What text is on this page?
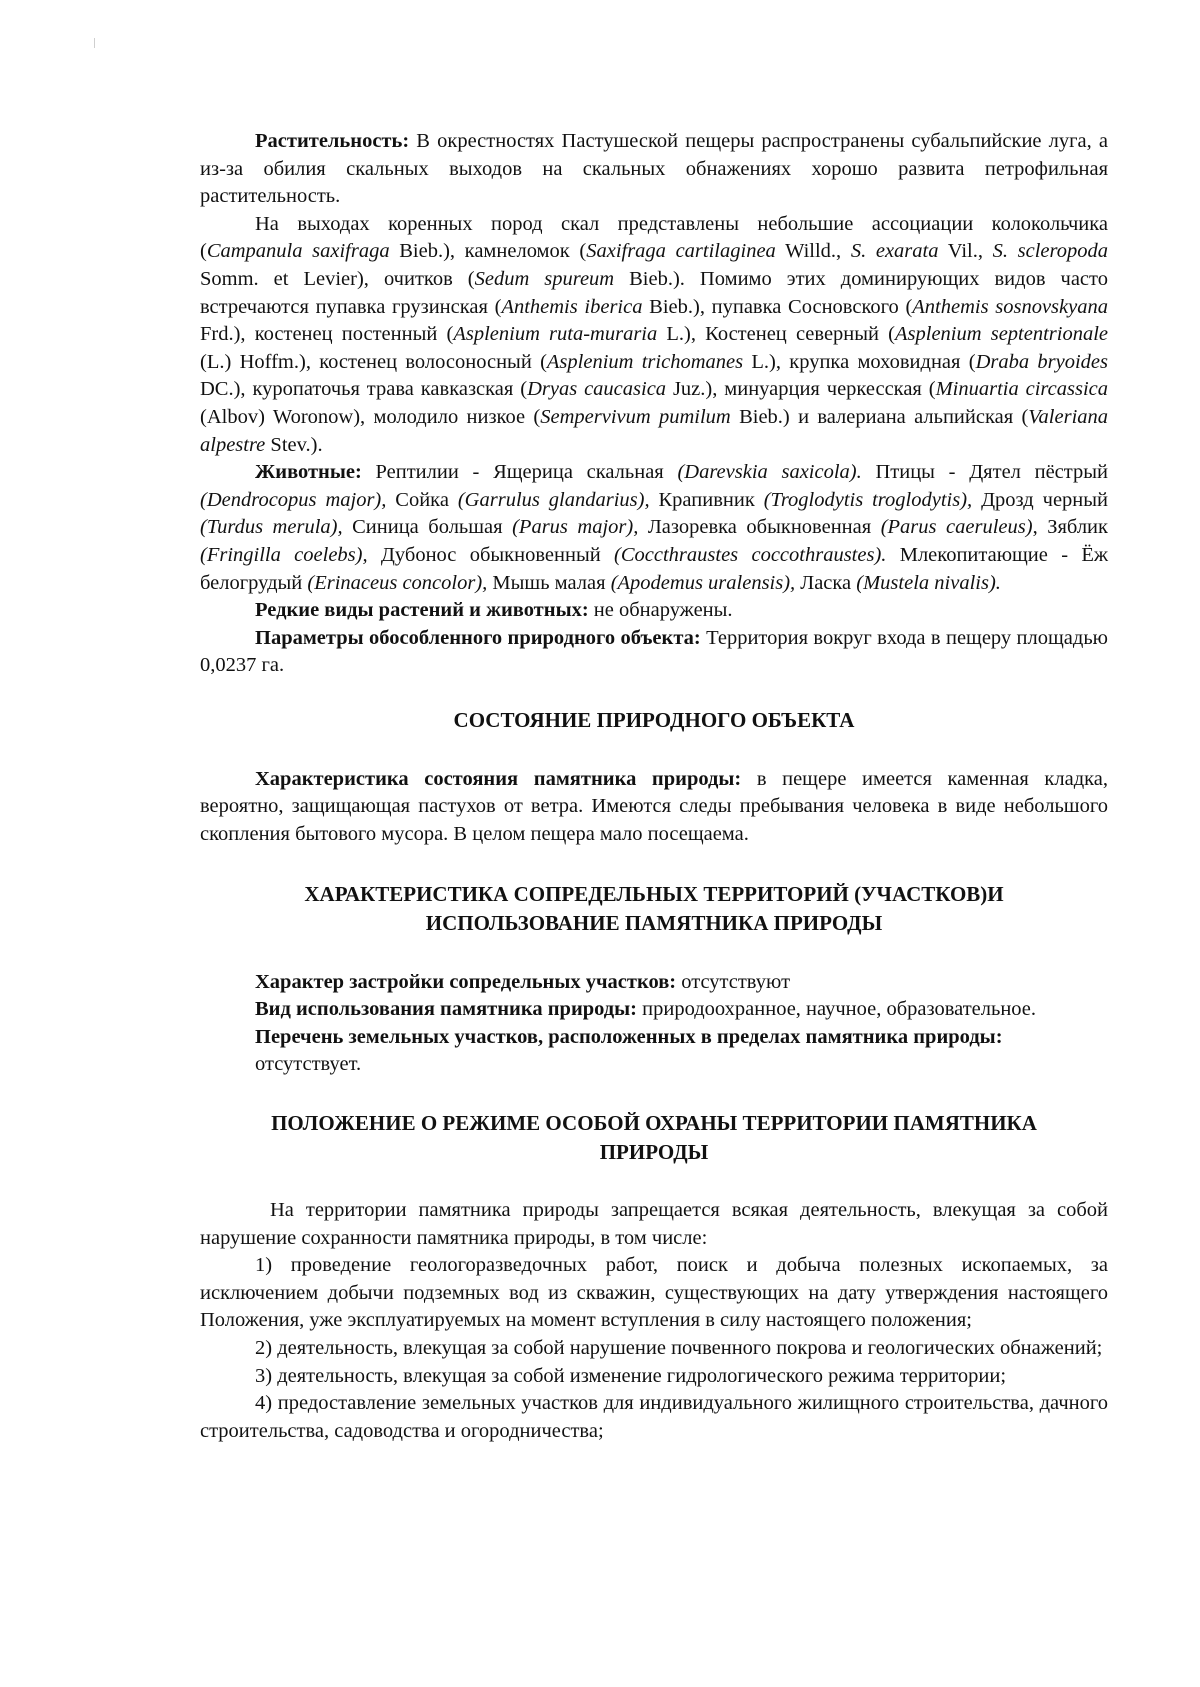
Растительность: В окрестностях Пастушеской пещеры распространены субальпийские луга, а из-за обилия скальных выходов на скальных обнажениях хорошо развита петрофильная растительность.

На выходах коренных пород скал представлены небольшие ассоциации колокольчика (Campanula saxifraga Bieb.), камнеломок (Saxifraga cartilaginea Willd., S. exarata Vil., S. scleropoda Somm. et Levier), очитков (Sedum spureum Bieb.). Помимо этих доминирующих видов часто встречаются пупавка грузинская (Anthemis iberica Bieb.), пупавка Сосновского (Anthemis sosnovskyana Frd.), костенец постенный (Asplenium ruta-muraria L.), Костенец северный (Asplenium septentrionale (L.) Hoffm.), костенец волосоносный (Asplenium trichomanes L.), крупка моховидная (Draba bryoides DC.), куропаточья трава кавказская (Dryas caucasica Juz.), минуарция черкесская (Minuartia circassica (Albov) Woronow), молодило низкое (Sempervivum pumilum Bieb.) и валериана альпийская (Valeriana alpestre Stev.).

Животные: Рептилии - Ящерица скальная (Darevskia saxicola). Птицы - Дятел пёстрый (Dendrocopus major), Сойка (Garrulus glandarius), Крапивник (Troglodytis troglodytis), Дрозд черный (Turdus merula), Синица большая (Parus major), Лазоревка обыкновенная (Parus caeruleus), Зяблик (Fringilla coelebs), Дубонос обыкновенный (Coccthraustes coccothraustes). Млекопитающие - Ёж белогрудый (Erinaceus concolor), Мышь малая (Apodemus uralensis), Ласка (Mustela nivalis).

Редкие виды растений и животных: не обнаружены.

Параметры обособленного природного объекта: Территория вокруг входа в пещеру площадью 0,0237 га.

СОСТОЯНИЕ ПРИРОДНОГО ОБЪЕКТА

Характеристика состояния памятника природы: в пещере имеется каменная кладка, вероятно, защищающая пастухов от ветра. Имеются следы пребывания человека в виде небольшого скопления бытового мусора. В целом пещера мало посещаема.

ХАРАКТЕРИСТИКА СОПРЕДЕЛЬНЫХ ТЕРРИТОРИЙ (УЧАСТКОВ)И
ИСПОЛЬЗОВАНИЕ ПАМЯТНИКА ПРИРОДЫ

Характер застройки сопредельных участков: отсутствуют

Вид использования памятника природы: природоохранное, научное, образовательное.

Перечень земельных участков, расположенных в пределах памятника природы:
отсутствует.

ПОЛОЖЕНИЕ О РЕЖИМЕ ОСОБОЙ ОХРАНЫ ТЕРРИТОРИИ ПАМЯТНИКА
ПРИРОДЫ

На территории памятника природы запрещается всякая деятельность, влекущая за собой нарушение сохранности памятника природы, в том числе:

1) проведение геологоразведочных работ, поиск и добыча полезных ископаемых, за исключением добычи подземных вод из скважин, существующих на дату утверждения настоящего Положения, уже эксплуатируемых на момент вступления в силу настоящего положения;

2) деятельность, влекущая за собой нарушение почвенного покрова и геологических обнажений;

3) деятельность, влекущая за собой изменение гидрологического режима территории;

4) предоставление земельных участков для индивидуального жилищного строительства, дачного строительства, садоводства и огородничества;
